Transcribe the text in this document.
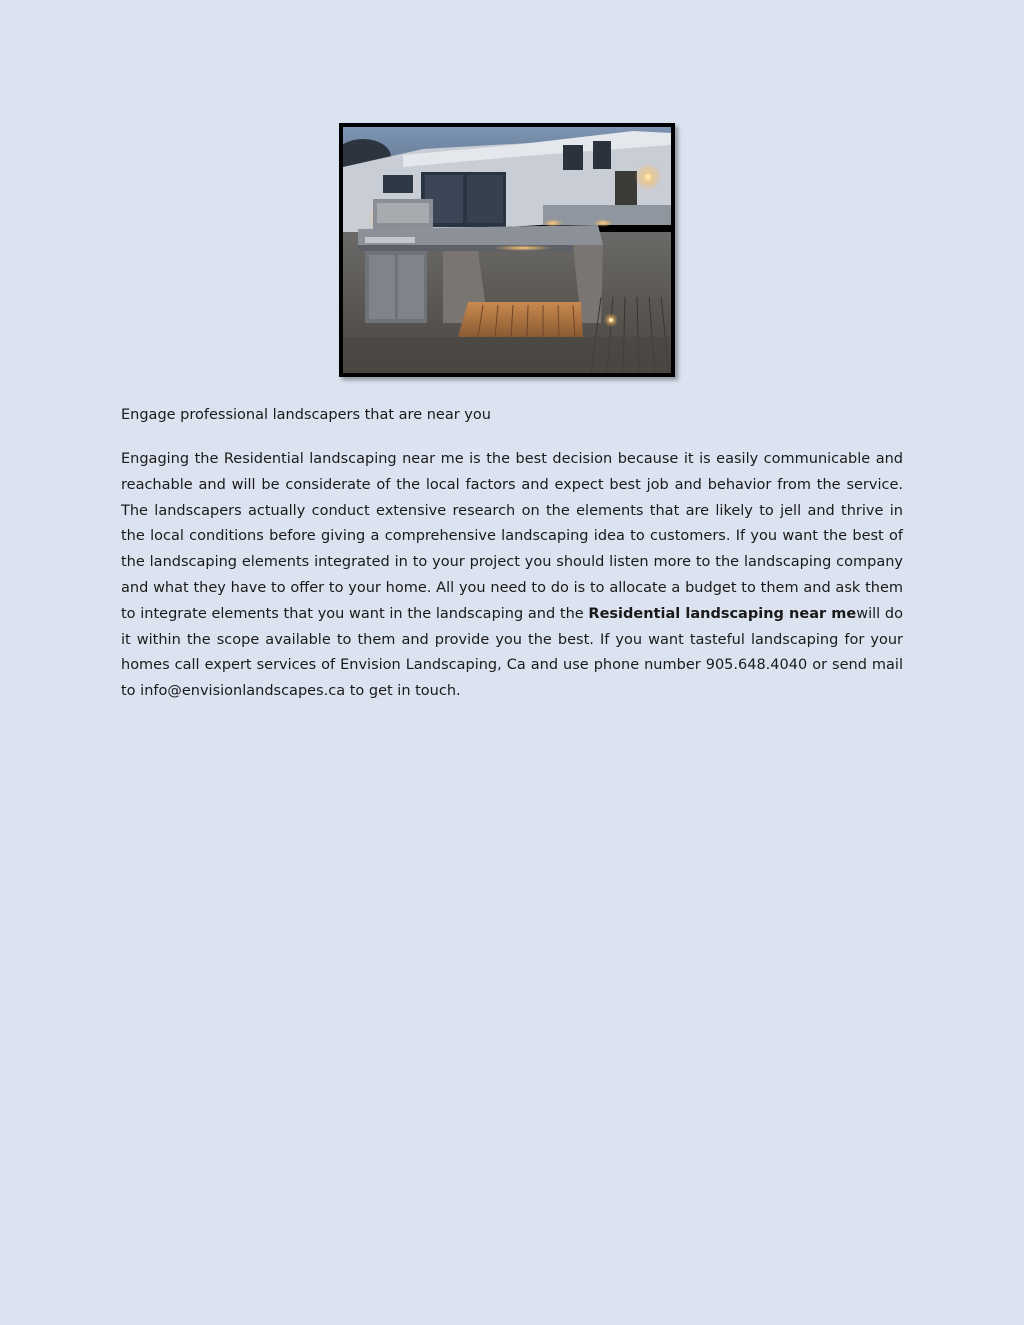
Engage professional landscapers that are near you

Engaging the Residential landscaping near me is the best decision because it is easily communicable and reachable and will be considerate of the local factors and expect best job and behavior from the service. The landscapers actually conduct extensive research on the elements that are likely to jell and thrive in the local conditions before giving a comprehensive landscaping idea to customers. If you want the best of the landscaping elements integrated in to your project you should listen more to the landscaping company and what they have to offer to your home. All you need to do is to allocate a budget to them and ask them to integrate elements that you want in the landscaping and the Residential landscaping near mewill do it within the scope available to them and provide you the best. If you want tasteful landscaping for your homes call expert services of Envision Landscaping, Ca and use phone number 905.648.4040 or send mail to info@envisionlandscapes.ca to get in touch.
